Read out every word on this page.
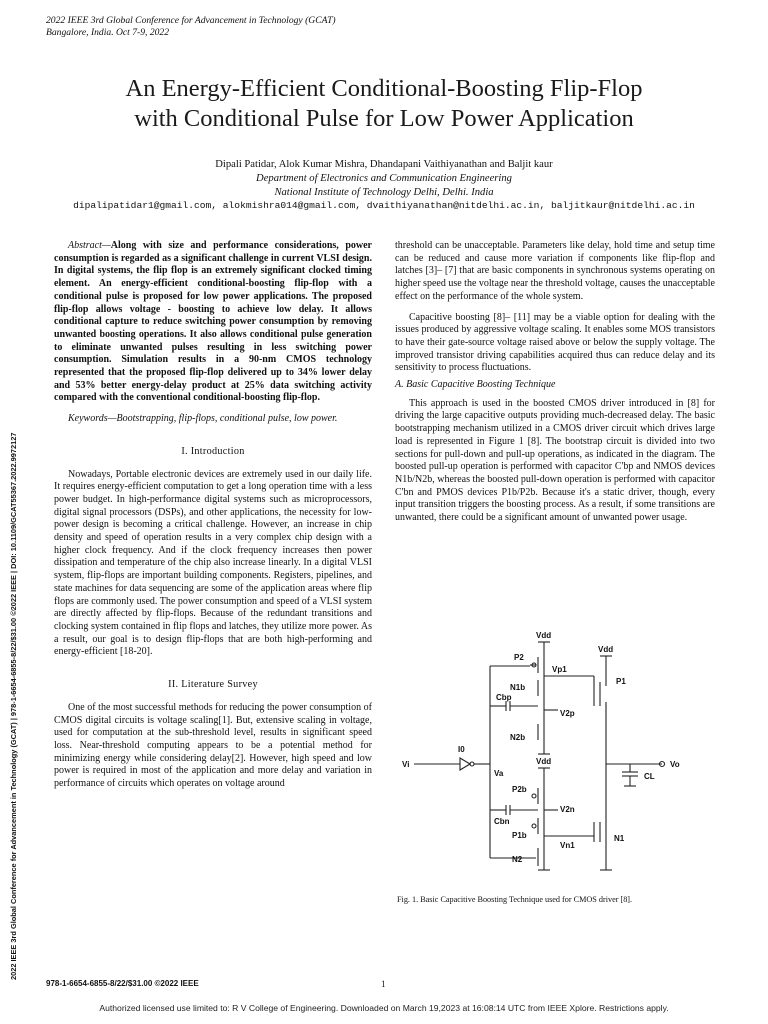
2022 IEEE 3rd Global Conference for Advancement in Technology (GCAT)
Bangalore, India. Oct 7-9, 2022
An Energy-Efficient Conditional-Boosting Flip-Flop
with Conditional Pulse for Low Power Application
Dipali Patidar, Alok Kumar Mishra, Dhandapani Vaithiyanathan and Baljit kaur
Department of Electronics and Communication Engineering
National Institute of Technology Delhi, Delhi. India
dipalipatidar1@gmail.com, alokmishra014@gmail.com, dvaithiyanathan@nitdelhi.ac.in, baljitkaur@nitdelhi.ac.in

Abstract—Along with size and performance considerations, power consumption is regarded as a significant challenge in current VLSI design. In digital systems, the flip flop is an extremely significant clocked timing element. An energy-efficient conditional-boosting flip-flop with a conditional pulse is proposed for low power applications. The proposed flip-flop allows voltage - boosting to achieve low delay. It allows conditional capture to reduce switching power consumption by removing unwanted boosting operations. It also allows conditional pulse generation to eliminate unwanted pulses resulting in less switching power consumption. Simulation results in a 90-nm CMOS technology represented that the proposed flip-flop delivered up to 34% lower delay and 53% better energy-delay product at 25% data switching activity compared with the conventional conditional-boosting flip-flop.

Keywords—Bootstrapping, flip-flops, conditional pulse, low power.

I. Introduction

Nowadays, Portable electronic devices are extremely used in our daily life. It requires energy-efficient computation to get a long operation time with a less power budget. In high-performance digital systems such as microprocessors, digital signal processors (DSPs), and other applications, the necessity for low-power design is becoming a critical challenge. However, an increase in chip density and speed of operation results in a very complex chip design with a higher clock frequency. And if the clock frequency increases then power dissipation and temperature of the chip also increase linearly. In a digital VLSI system, flip-flops are important building components. Registers, pipelines, and state machines for data sequencing are some of the application areas where flip flops are commonly used. The power consumption and speed of a VLSI system are directly affected by flip-flops. Because of the redundant transitions and clocking system contained in flip flops and latches, they utilize more power. As a result, our goal is to design flip-flops that are both high-performing and energy-efficient [18-20].

II. Literature Survey

One of the most successful methods for reducing the power consumption of CMOS digital circuits is voltage scaling[1]. But, extensive scaling in voltage, used for computation at the sub-threshold level, results in significant speed loss. Near-threshold computing appears to be a potential method for minimizing energy while considering delay[2]. However, high speed and low power is required in most of the application and more delay and variation in performance of circuits which operates on voltage around

threshold can be unacceptable. Parameters like delay, hold time and setup time can be reduced and cause more variation if components like flip-flop and latches [3]– [7] that are basic components in synchronous systems operating on higher speed use the voltage near the threshold voltage, causes the unacceptable effect on the performance of the whole system.

Capacitive boosting [8]– [11] may be a viable option for dealing with the issues produced by aggressive voltage scaling. It enables some MOS transistors to have their gate-source voltage raised above or below the supply voltage. The improved transistor driving capabilities acquired thus can reduce delay and its sensitivity to process fluctuations.

A. Basic Capacitive Boosting Technique

This approach is used in the boosted CMOS driver introduced in [8] for driving the large capacitive outputs providing much-decreased delay. The basic bootstrapping mechanism utilized in a CMOS driver circuit which drives large load is represented in Figure 1 [8]. The bootstrap circuit is divided into two sections for pull-down and pull-up operations, as indicated in the diagram. The boosted pull-up operation is performed with capacitor C'bp and NMOS devices N1b/N2b, whereas the boosted pull-down operation is performed with capacitor C'bn and PMOS devices P1b/P2b. Because it's a static driver, though, every input transition triggers the boosting process. As a result, if some transitions are unwanted, there could be a significant amount of unwanted power usage.

Vdd
Vdd
Vdd
P2
Vp1
P1
N1b
Cbp
V2p
N2b
I0
Vi
Va
Vo
CL
P2b
V2n
Cbn
P1b
Vn1
N1
N2
Fig. 1. Basic Capacitive Boosting Technique used for CMOS driver [8].
2022 IEEE 3rd Global Conference for Advancement in Technology (GCAT) | 978-1-6654-6855-8/22/$31.00 ©2022 IEEE | DOI: 10.1109/GCAT55367.2022.9972127
978-1-6654-6855-8/22/$31.00 ©2022 IEEE	1
Authorized licensed use limited to: R V College of Engineering. Downloaded on March 19,2023 at 16:08:14 UTC from IEEE Xplore. Restrictions apply.
